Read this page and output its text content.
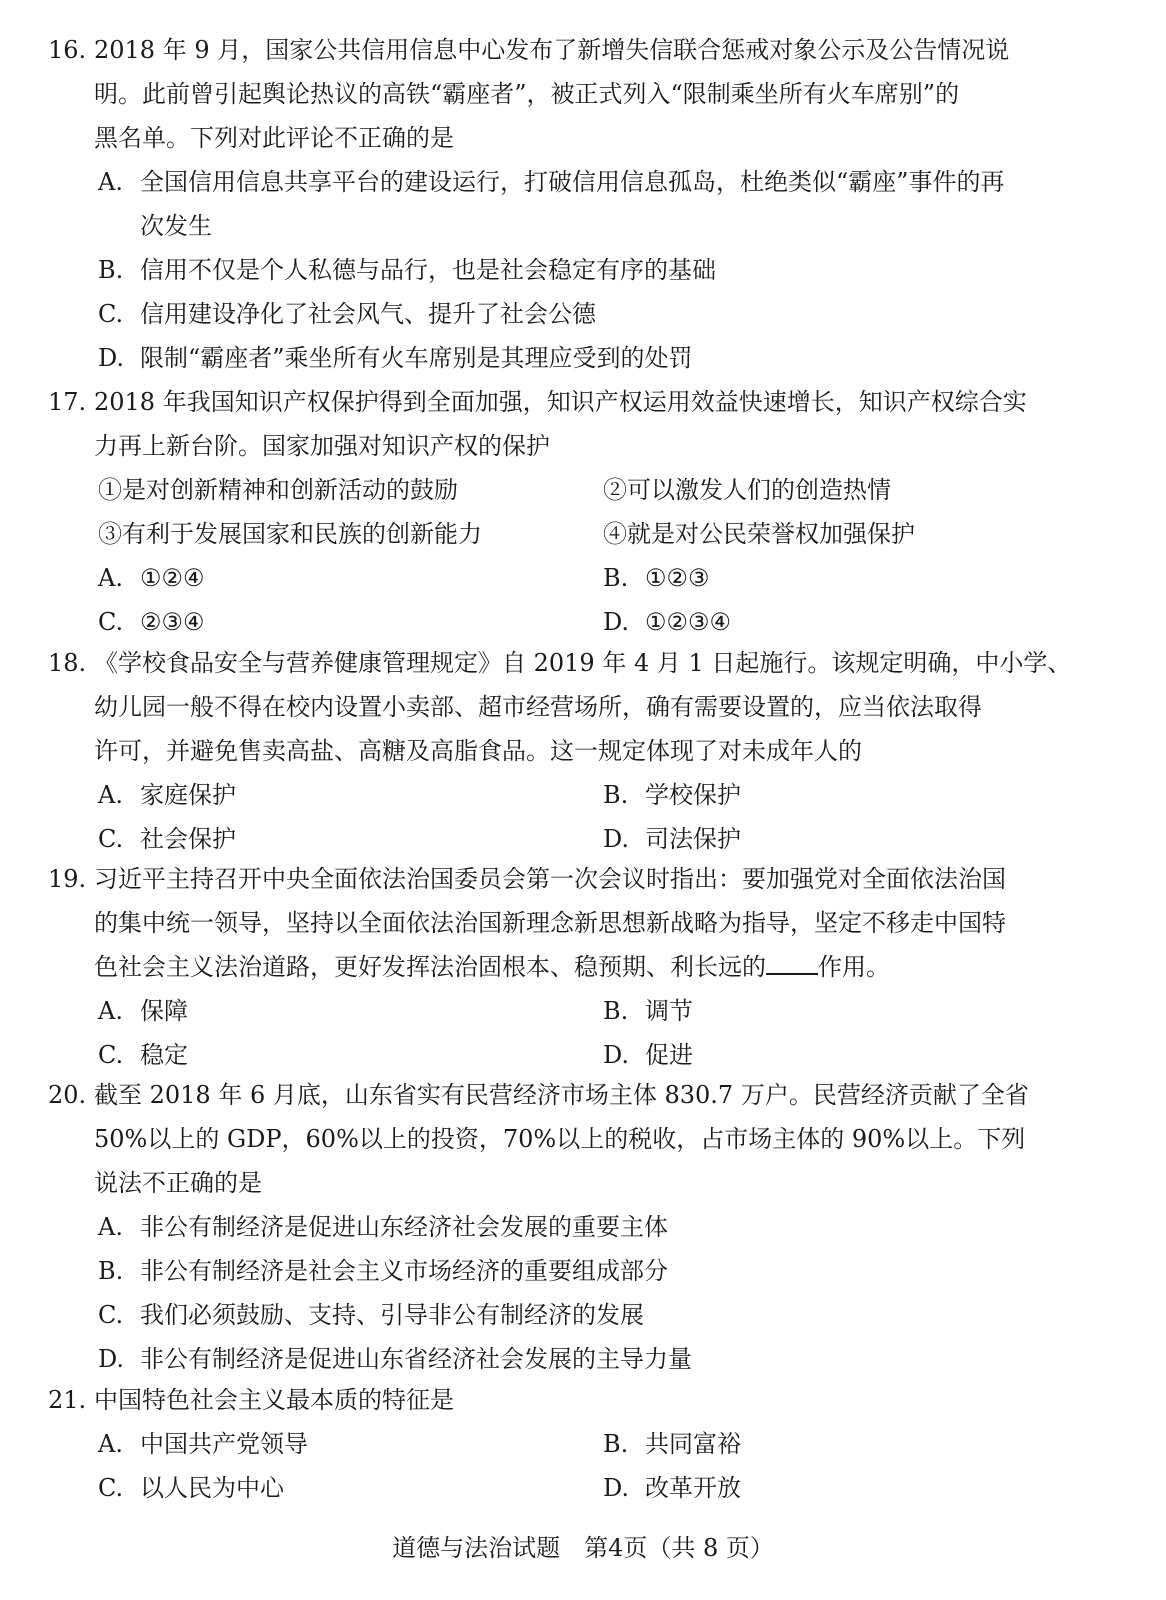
16. 2018 年 9 月，国家公共信用信息中心发布了新增失信联合惩戒对象公示及公告情况说
明。此前曾引起舆论热议的高铁“霸座者”，被正式列入“限制乘坐所有火车席别”的
黑名单。下列对此评论不正确的是
A. 全国信用信息共享平台的建设运行，打破信用信息孤岛，杜绝类似“霸座”事件的再
次发生
B. 信用不仅是个人私德与品行，也是社会稳定有序的基础
C. 信用建设净化了社会风气、提升了社会公德
D. 限制“霸座者”乘坐所有火车席别是其理应受到的处罚
17. 2018 年我国知识产权保护得到全面加强，知识产权运用效益快速增长，知识产权综合实
力再上新台阶。国家加强对知识产权的保护
①是对创新精神和创新活动的鼓励	②可以激发人们的创造热情
③有利于发展国家和民族的创新能力	④就是对公民荣誉权加强保护
A. ①②④	B. ①②③
C. ②③④	D. ①②③④
18. 《学校食品安全与营养健康管理规定》自 2019 年 4 月 1 日起施行。该规定明确，中小学、
幼儿园一般不得在校内设置小卖部、超市经营场所，确有需要设置的，应当依法取得
许可，并避免售卖高盐、高糖及高脂食品。这一规定体现了对未成年人的
A. 家庭保护	B. 学校保护
C. 社会保护	D. 司法保护
19. 习近平主持召开中央全面依法治国委员会第一次会议时指出：要加强党对全面依法治国
的集中统一领导，坚持以全面依法治国新理念新思想新战略为指导，坚定不移走中国特
色社会主义法治道路，更好发挥法治固根本、稳预期、利长远的 作用。
A. 保障	B. 调节
C. 稳定	D. 促进
20. 截至 2018 年 6 月底，山东省实有民营经济市场主体 830.7 万户。民营经济贡献了全省
50%以上的 GDP，60%以上的投资，70%以上的税收，占市场主体的 90%以上。下列
说法不正确的是
A. 非公有制经济是促进山东经济社会发展的重要主体
B. 非公有制经济是社会主义市场经济的重要组成部分
C. 我们必须鼓励、支持、引导非公有制经济的发展
D. 非公有制经济是促进山东省经济社会发展的主导力量
21. 中国特色社会主义最本质的特征是
A. 中国共产党领导	B. 共同富裕
C. 以人民为中心	D. 改革开放
道德与法治试题　第4页（共 8 页）
